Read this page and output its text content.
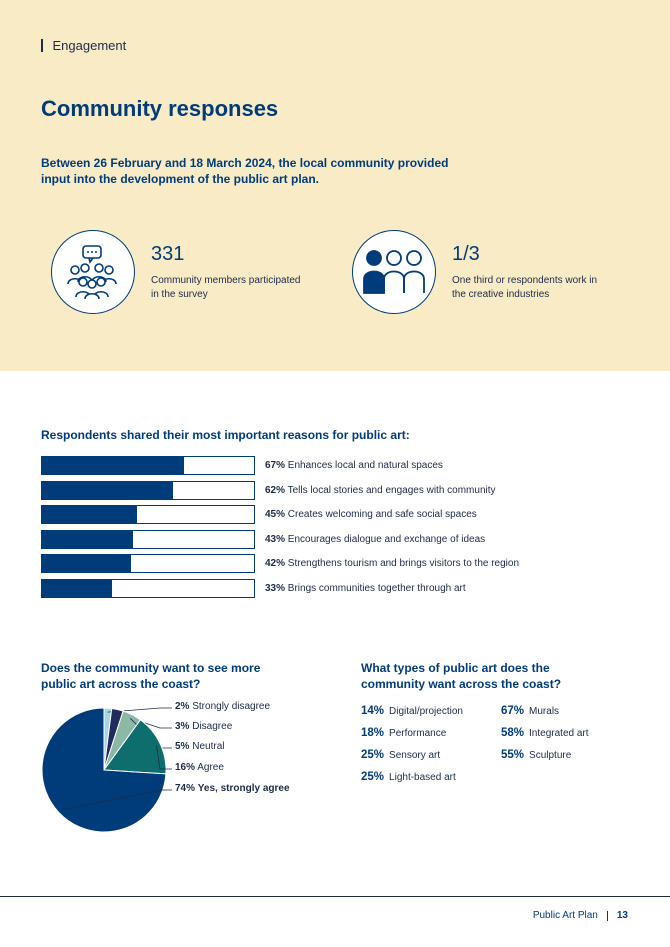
Engagement
Community responses
Between 26 February and 18 March 2024, the local community provided input into the development of the public art plan.
331
Community members participated in the survey
1/3
One third or respondents work in the creative industries
Respondents shared their most important reasons for public art:
67% Enhances local and natural spaces
62% Tells local stories and engages with community
45% Creates welcoming and safe social spaces
43% Encourages dialogue and exchange of ideas
42% Strengthens tourism and brings visitors to the region
33% Brings communities together through art
Does the community want to see more public art across the coast?
2% Strongly disagree
3% Disagree
5% Neutral
16% Agree
74% Yes, strongly agree
What types of public art does the community want across the coast?
14% Digital/projection
18% Performance
25% Sensory art
25% Light-based art
67% Murals
58% Integrated art
55% Sculpture
Public Art Plan 13
